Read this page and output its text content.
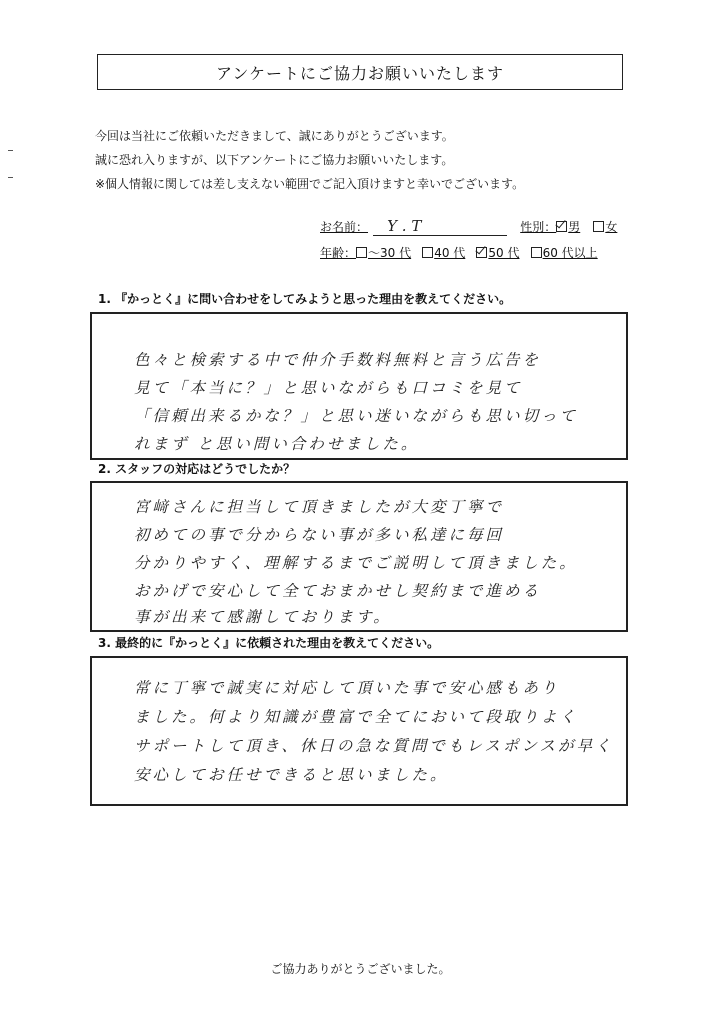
アンケートにご協力お願いいたします
今回は当社にご依頼いただきまして、誠にありがとうございます。
誠に恐れ入りますが、以下アンケートにご協力お願いいたします。
※個人情報に関しては差し支えない範囲でご記入頂けますと幸いでございます。
お名前： Y . T	性別： 男 女
年齢： ～30 代 40 代 50 代 60 代以上
1. 『かっとく』に問い合わせをしてみようと思った理由を教えてください。
色々と検索する中で仲介手数料無料と言う広告を
見て「本当に？」と思いながらも口コミを見て
「信頼出来るかな？」と思い迷いながらも思い切って
れまず と思い問い合わせました。
2. スタッフの対応はどうでしたか？
宮﨑さんに担当して頂きましたが大変丁寧で
初めての事で分からない事が多い私達に毎回
分かりやすく、理解するまでご説明して頂きました。
おかげで安心して全ておまかせし契約まで進める
事が出来て感謝しております。
3. 最終的に『かっとく』に依頼された理由を教えてください。
常に丁寧で誠実に対応して頂いた事で安心感もあり
ました。何より知識が豊富で全てにおいて段取りよく
サポートして頂き、休日の急な質問でもレスポンスが早く
安心してお任せできると思いました。
ご協力ありがとうございました。
